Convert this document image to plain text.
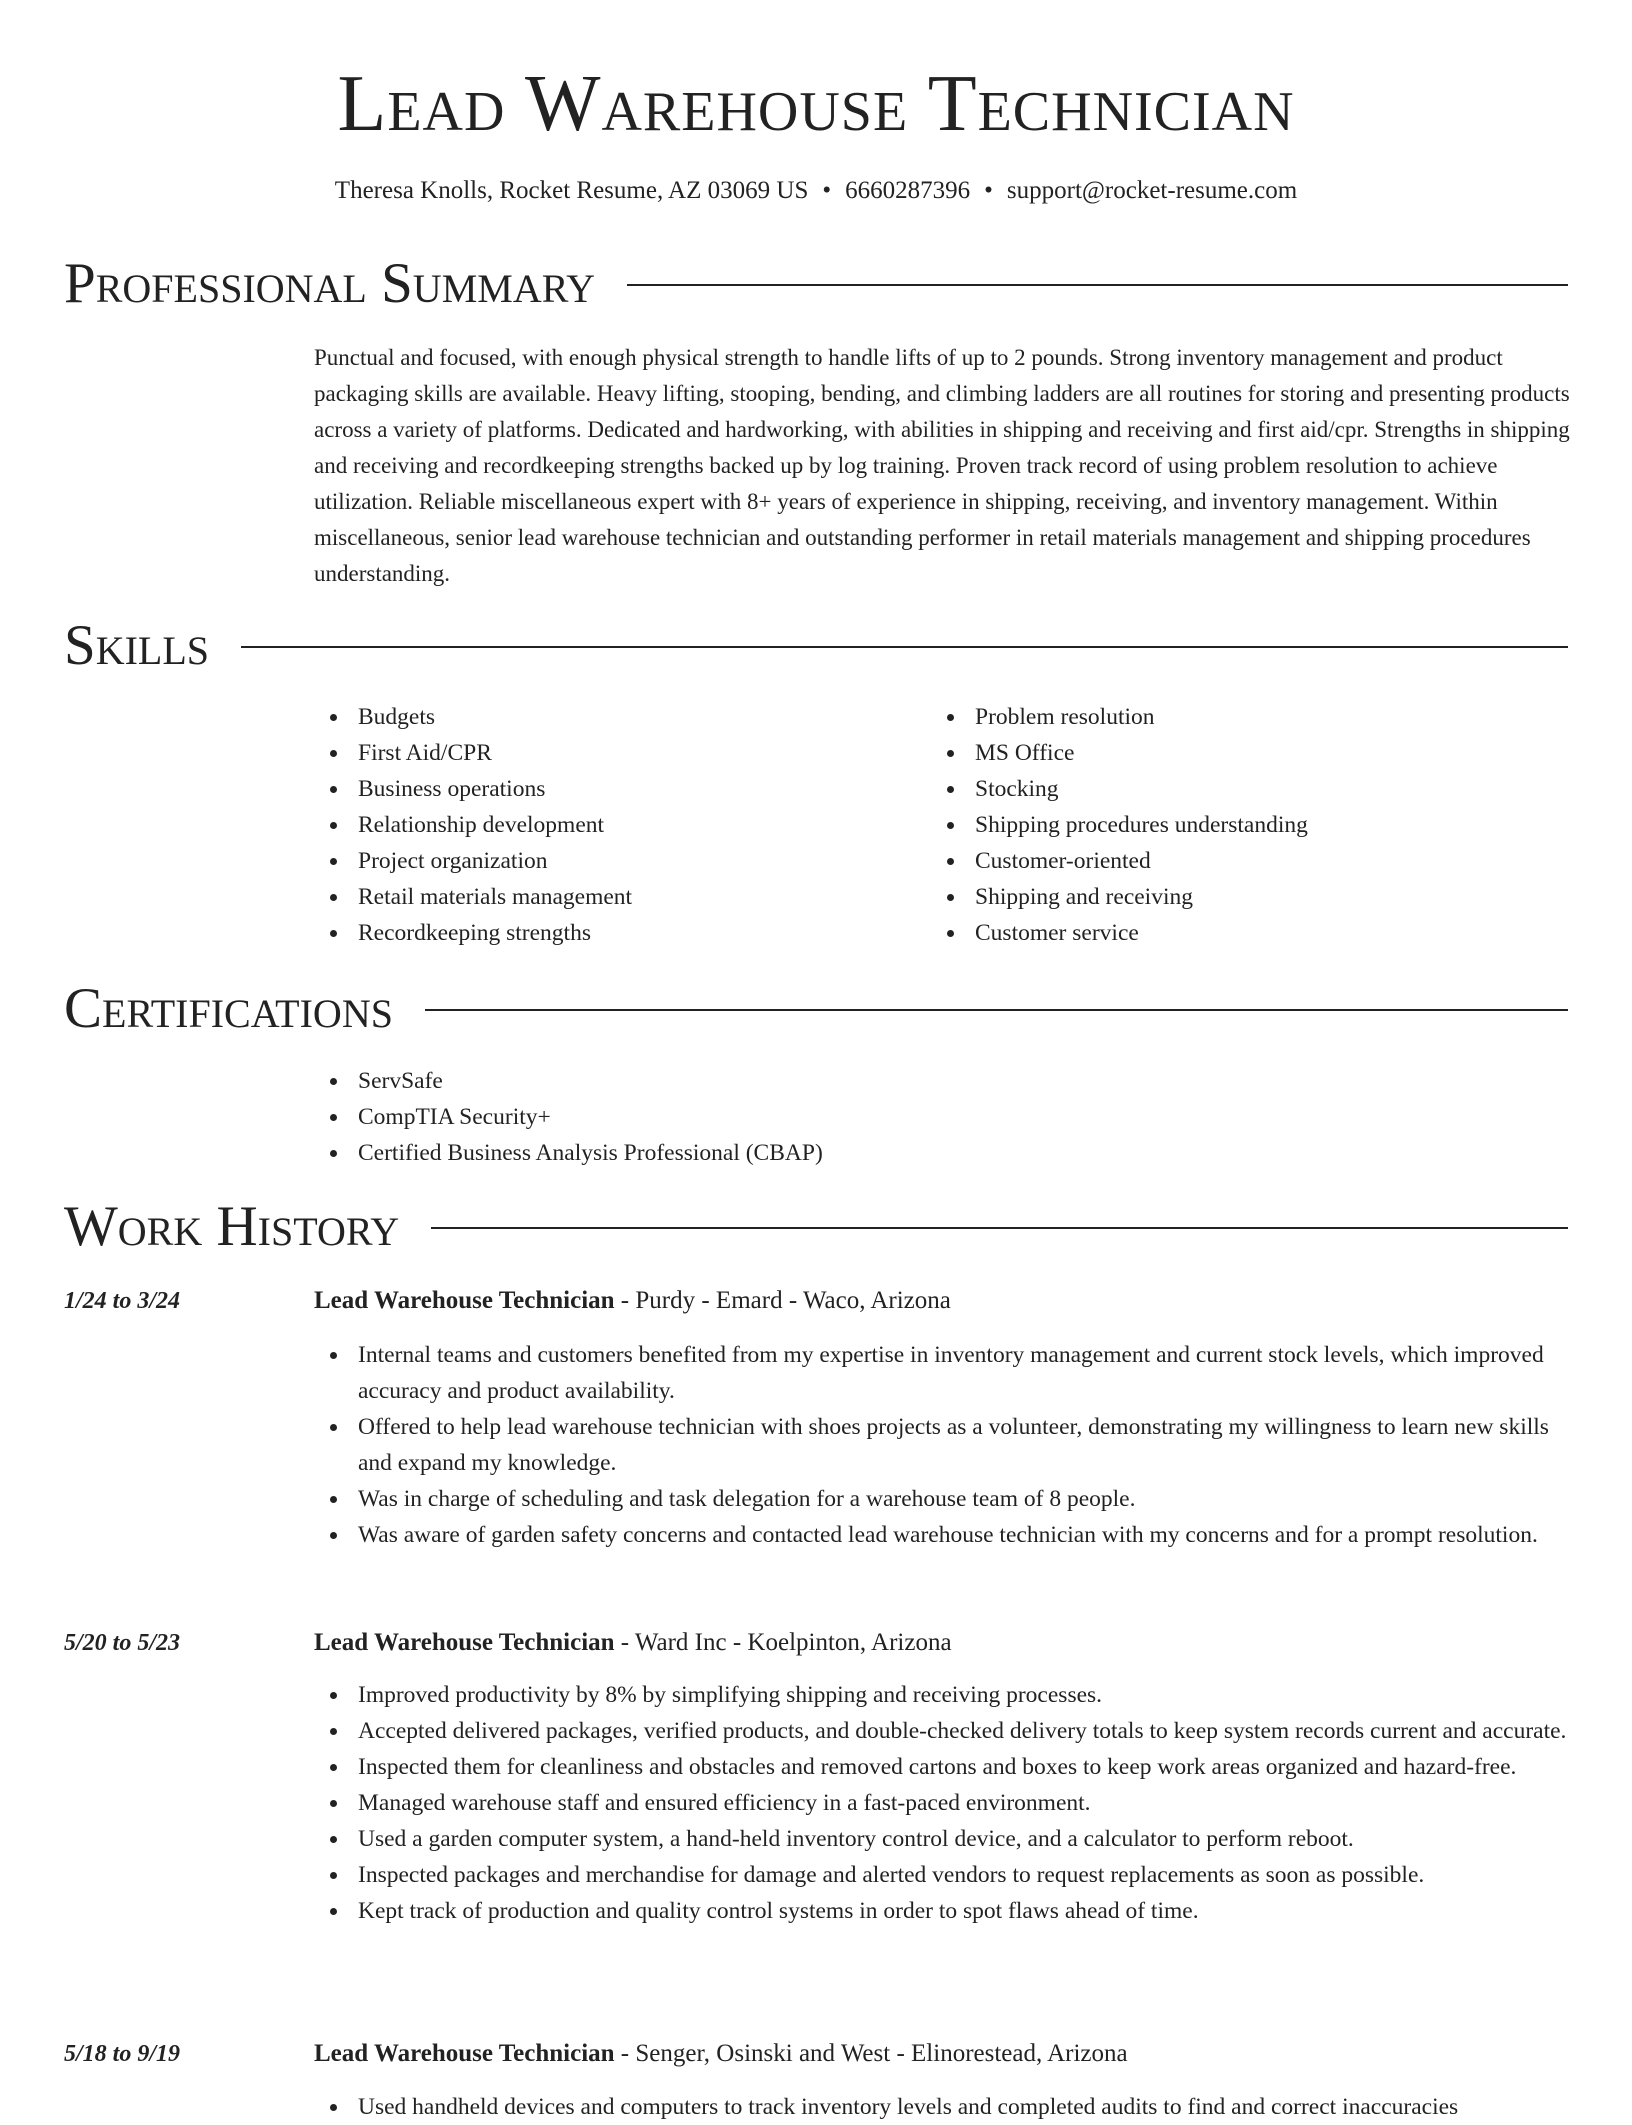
Lead Warehouse Technician
Theresa Knolls, Rocket Resume, AZ 03069 US • 6660287396 • support@rocket-resume.com
Professional Summary

Punctual and focused, with enough physical strength to handle lifts of up to 2 pounds. Strong inventory management and product packaging skills are available. Heavy lifting, stooping, bending, and climbing ladders are all routines for storing and presenting products across a variety of platforms. Dedicated and hardworking, with abilities in shipping and receiving and first aid/cpr. Strengths in shipping and receiving and recordkeeping strengths backed up by log training. Proven track record of using problem resolution to achieve utilization. Reliable miscellaneous expert with 8+ years of experience in shipping, receiving, and inventory management. Within miscellaneous, senior lead warehouse technician and outstanding performer in retail materials management and shipping procedures understanding.

Skills
Budgets
First Aid/CPR
Business operations
Relationship development
Project organization
Retail materials management
Recordkeeping strengths
Problem resolution
MS Office
Stocking
Shipping procedures understanding
Customer-oriented
Shipping and receiving
Customer service
Certifications
ServSafe
CompTIA Security+
Certified Business Analysis Professional (CBAP)
Work History
1/24 to 3/24	Lead Warehouse Technician - Purdy - Emard - Waco, Arizona
Internal teams and customers benefited from my expertise in inventory management and current stock levels, which improved accuracy and product availability.
Offered to help lead warehouse technician with shoes projects as a volunteer, demonstrating my willingness to learn new skills and expand my knowledge.
Was in charge of scheduling and task delegation for a warehouse team of 8 people.
Was aware of garden safety concerns and contacted lead warehouse technician with my concerns and for a prompt resolution.
5/20 to 5/23	Lead Warehouse Technician - Ward Inc - Koelpinton, Arizona
Improved productivity by 8% by simplifying shipping and receiving processes.
Accepted delivered packages, verified products, and double-checked delivery totals to keep system records current and accurate.
Inspected them for cleanliness and obstacles and removed cartons and boxes to keep work areas organized and hazard-free.
Managed warehouse staff and ensured efficiency in a fast-paced environment.
Used a garden computer system, a hand-held inventory control device, and a calculator to perform reboot.
Inspected packages and merchandise for damage and alerted vendors to request replacements as soon as possible.
Kept track of production and quality control systems in order to spot flaws ahead of time.
5/18 to 9/19	Lead Warehouse Technician - Senger, Osinski and West - Elinorestead, Arizona
Used handheld devices and computers to track inventory levels and completed audits to find and correct inaccuracies
